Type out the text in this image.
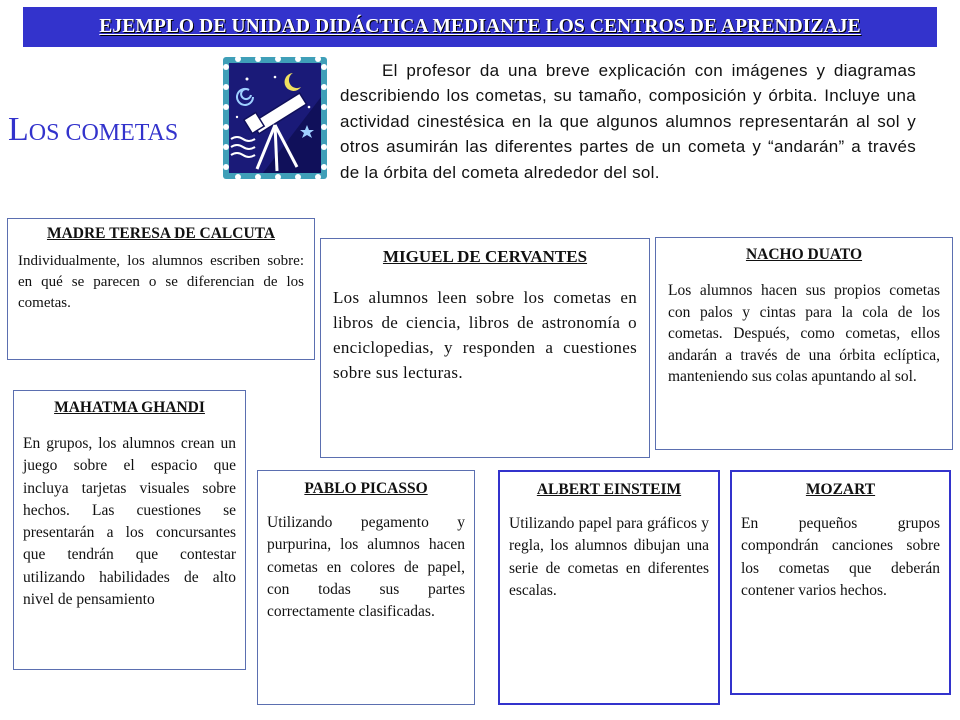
EJEMPLO DE UNIDAD DIDÁCTICA MEDIANTE LOS CENTROS DE APRENDIZAJE
LOS COMETAS
El profesor da una breve explicación con imágenes y diagramas describiendo los cometas, su tamaño, composición y órbita. Incluye una actividad cinestésica en la que algunos alumnos representarán al sol y otros asumirán las diferentes partes de un cometa y “andarán” a través de la órbita del cometa alrededor del sol.
MADRE TERESA DE CALCUTA
Individualmente, los alumnos escriben sobre: en qué se parecen o se diferencian de los cometas.
MIGUEL DE CERVANTES
Los alumnos leen sobre los cometas en libros de ciencia, libros de astronomía o enciclopedias, y responden a cuestiones sobre sus lecturas.
NACHO DUATO
Los alumnos hacen sus propios cometas con palos y cintas para la cola de los cometas. Después, como cometas, ellos andarán a través de una órbita eclíptica, manteniendo sus colas apuntando al sol.
MAHATMA GHANDI
En grupos, los alumnos crean un juego sobre el espacio que incluya tarjetas visuales sobre hechos. Las cuestiones se presentarán a los concursantes que tendrán que contestar utilizando habilidades de alto nivel de pensamiento
PABLO PICASSO
Utilizando pegamento y purpurina, los alumnos hacen cometas en colores de papel, con todas sus partes correctamente clasificadas.
ALBERT EINSTEIM
Utilizando papel para gráficos y regla, los alumnos dibujan una serie de cometas en diferentes escalas.
MOZART
En pequeños grupos compondrán canciones sobre los cometas que deberán contener varios hechos.
